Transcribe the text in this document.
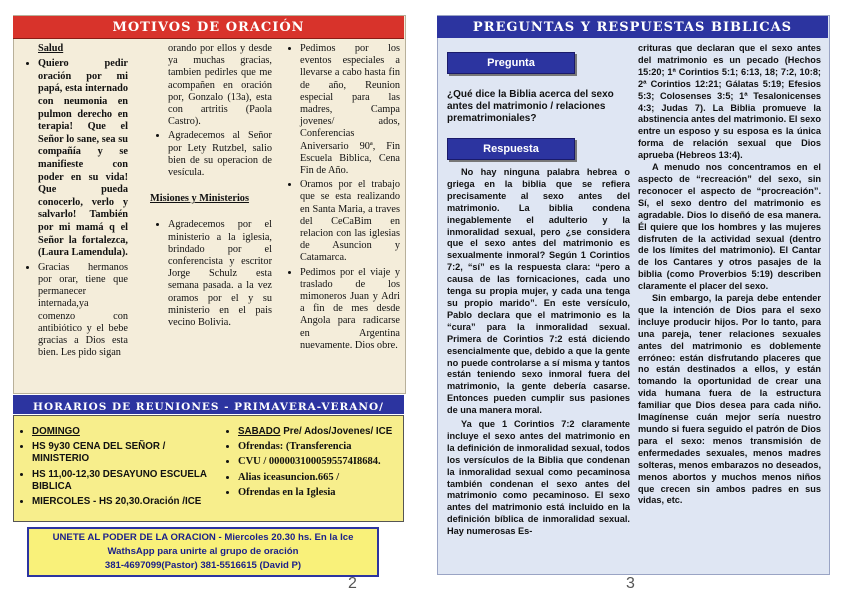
MOTIVOS DE ORACIÓN

Salud

• Quiero pedir oración por mi papá, esta internado con neumonia en pulmon derecho en terapia! Que el Señor lo sane, sea su compañía y se manifieste con poder en su vida! Que pueda conocerlo, verlo y salvarlo! También por mi mamá q el Señor la fortalezca, (Laura Lamendula).
• Gracias hermanos por orar, tiene que permanecer internada,ya comenzo con antibiótico y el bebe gracias a Dios esta bien. Les pido sigan

orando por ellos y desde ya muchas gracias, tambien pedirles que me acompañen en oración por, Gonzalo (13a), esta con artritis (Paola Castro).

• Agradecemos al Señor por Lety Rutzbel, salio bien de su operacion de vesícula.

Misiones y Ministerios

• Agradecemos por el ministerio a la iglesia, brindado por el conferencista y escritor Jorge Schulz esta semana pasada. a la vez oramos por el y su ministerio en el pais vecino Bolivia.
• Pedimos por los eventos especiales a llevarse a cabo hasta fin de año, Reunion especial para las madres, Campa jovenes/ ados, Conferencias Aniversario 90ª, Fin Escuela Biblica, Cena Fin de Año.
• Oramos por el trabajo que se esta realizando en Santa Maria, a traves del CeCaBim en relacion con las iglesias de Asuncion y Catamarca.
• Pedimos por el viaje y traslado de los mimoneros Juan y Adri a fin de mes desde Angola para radicarse en Argentina nuevamente. Dios obre.
HORARIOS DE REUNIONES - PRIMAVERA-VERANO/
• DOMINGO
• HS 9y30 CENA DEL SEÑOR / MINISTERIO
• HS 11,00-12,30 DESAYUNO ESCUELA BIBLICA
• MIERCOLES - HS 20,30.Oración /ICE
• SABADO Pre/ Ados/Jovenes/ ICE
• Ofrendas: (Transferencia
• CVU / 0000031000595574I8684.
• Alias iceasuncion.665 /
• Ofrendas en la Iglesia
UNETE AL PODER DE LA ORACION - Miercoles 20.30 hs. En la Ice
WathsApp para unirte al grupo de oración
381-4697099(Pastor) 381-5516615 (David P)
2
PREGUNTAS Y RESPUESTAS BIBLICAS
Pregunta
¿Qué dice la Biblia acerca del sexo antes del matrimonio / relaciones prematrimoniales?
Respuesta

No hay ninguna palabra hebrea o griega en la biblia que se refiera precisamente al sexo antes del matrimonio. La biblia condena inegablemente el adulterio y la inmoralidad sexual, pero ¿se considera que el sexo antes del matrimonio es sexualmente inmoral? Según 1 Corintios 7:2, “sí” es la respuesta clara: “pero a causa de las fornicaciones, cada uno tenga su propia mujer, y cada una tenga su propio marido”. En este versículo, Pablo declara que el matrimonio es la “cura” para la inmoralidad sexual. Primera de Corintios 7:2 está diciendo esencialmente que, debido a que la gente no puede controlarse a sí misma y tantos están teniendo sexo inmoral fuera del matrimonio, la gente debería casarse. Entonces pueden cumplir sus pasiones de una manera moral.

Ya que 1 Corintios 7:2 claramente incluye el sexo antes del matrimonio en la definición de inmoralidad sexual, todos los versículos de la Biblia que condenan la inmoralidad sexual como pecaminosa también condenan el sexo antes del matrimonio como pecaminoso. El sexo antes del matrimonio está incluido en la definición bíblica de inmoralidad sexual. Hay numerosas Es-

crituras que declaran que el sexo antes del matrimonio es un pecado (Hechos 15:20; 1ª Corintios 5:1; 6:13, 18; 7:2, 10:8; 2ª Corintios 12:21; Gálatas 5:19; Efesios 5:3; Colosenses 3:5; 1ª Tesalonicenses 4:3; Judas 7). La Biblia promueve la abstinencia antes del matrimonio. El sexo entre un esposo y su esposa es la única forma de relación sexual que Dios aprueba (Hebreos 13:4).

A menudo nos concentramos en el aspecto de “recreación” del sexo, sin reconocer el aspecto de “procreación”. Sí, el sexo dentro del matrimonio es agradable. Dios lo diseñó de esa manera. Él quiere que los hombres y las mujeres disfruten de la actividad sexual (dentro de los límites del matrimonio). El Cantar de los Cantares y otros pasajes de la biblia (como Proverbios 5:19) describen claramente el placer del sexo.

Sin embargo, la pareja debe entender que la intención de Dios para el sexo incluye producir hijos. Por lo tanto, para una pareja, tener relaciones sexuales antes del matrimonio es doblemente erróneo: están disfrutando placeres que no están destinados a ellos, y están tomando la oportunidad de crear una vida humana fuera de la estructura familiar que Dios desea para cada niño. Imagínense cuán mejor sería nuestro mundo si fuera seguido el patrón de Dios para el sexo: menos transmisión de enfermedades sexuales, menos madres solteras, menos embarazos no deseados, menos abortos y muchos menos niños que crecen sin ambos padres en sus vidas, etc.

3
